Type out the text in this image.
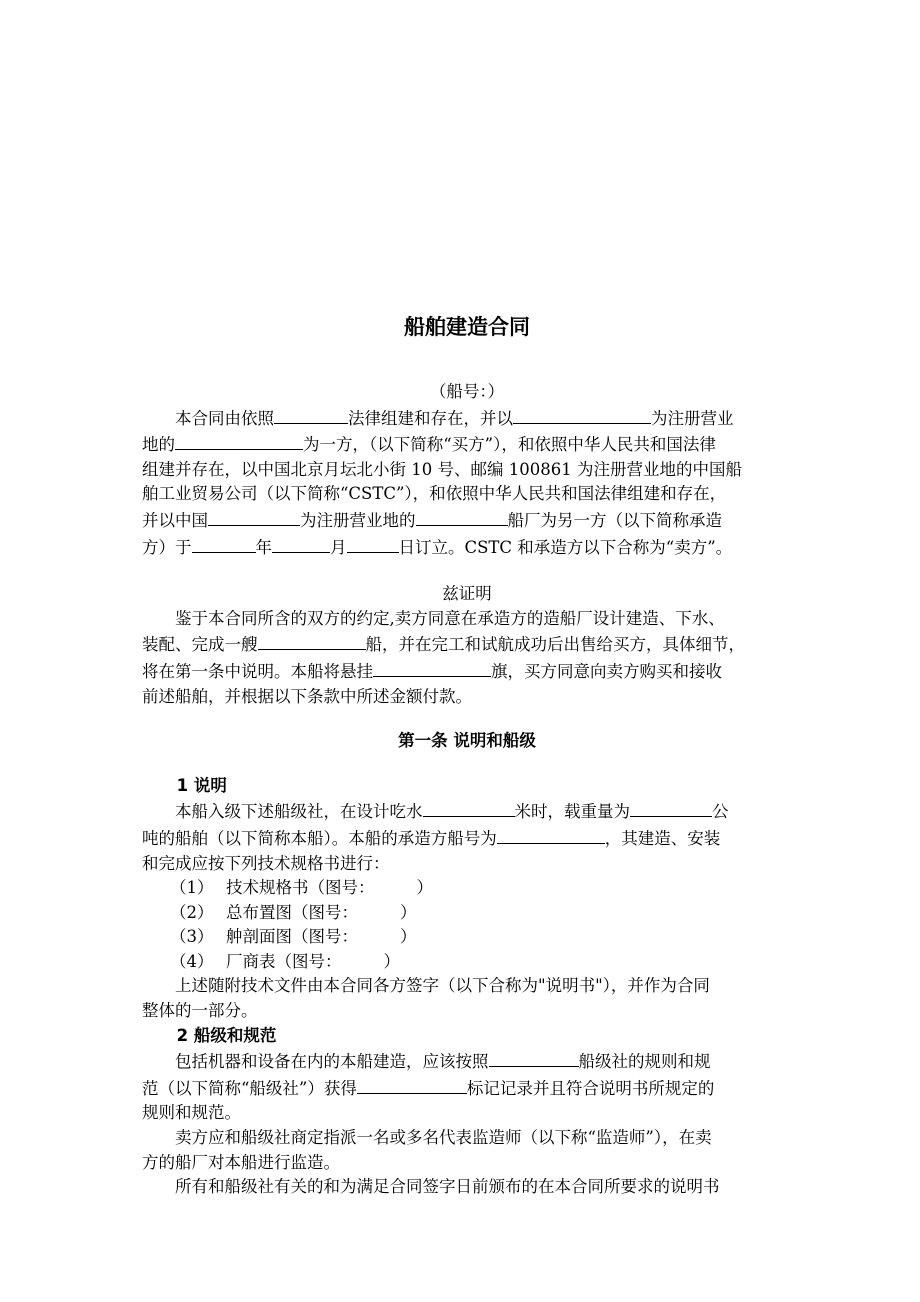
船舶建造合同

（船号：）

本合同由依照	法律组建和存在，并以	为注册营业

地的	为一方，（以下简称“买方”），和依照中华人民共和国法律

组建并存在，以中国北京月坛北小街 10 号、邮编 100861 为注册营业地的中国船

舶工业贸易公司（以下简称“CSTC”），和依照中华人民共和国法律组建和存在，

并以中国	为注册营业地的	船厂为另一方（以下简称承造

方）于	年	月	日订立。CSTC 和承造方以下合称为“卖方”。

兹证明

鉴于本合同所含的双方的约定,卖方同意在承造方的造船厂设计建造、下水、

装配、完成一艘	船，并在完工和试航成功后出售给买方，具体细节，

将在第一条中说明。本船将悬挂	旗，买方同意向卖方购买和接收

前述船舶，并根据以下条款中所述金额付款。

第一条 说明和船级

1 说明

本船入级下述船级社，在设计吃水	米时，载重量为	公

吨的船舶（以下简称本船）。本船的承造方船号为	，其建造、安装

和完成应按下列技术规格书进行：

（1） 技术规格书（图号：        ）

（2） 总布置图（图号：        ）

（3） 舯剖面图（图号：        ）

（4） 厂商表（图号：        ）

上述随附技术文件由本合同各方签字（以下合称为"说明书"），并作为合同

整体的一部分。

2 船级和规范

包括机器和设备在内的本船建造，应该按照	船级社的规则和规

范（以下简称“船级社”）获得	标记记录并且符合说明书所规定的

规则和规范。

卖方应和船级社商定指派一名或多名代表监造师（以下称“监造师”），在卖

方的船厂对本船进行监造。

所有和船级社有关的和为满足合同签字日前颁布的在本合同所要求的说明书
